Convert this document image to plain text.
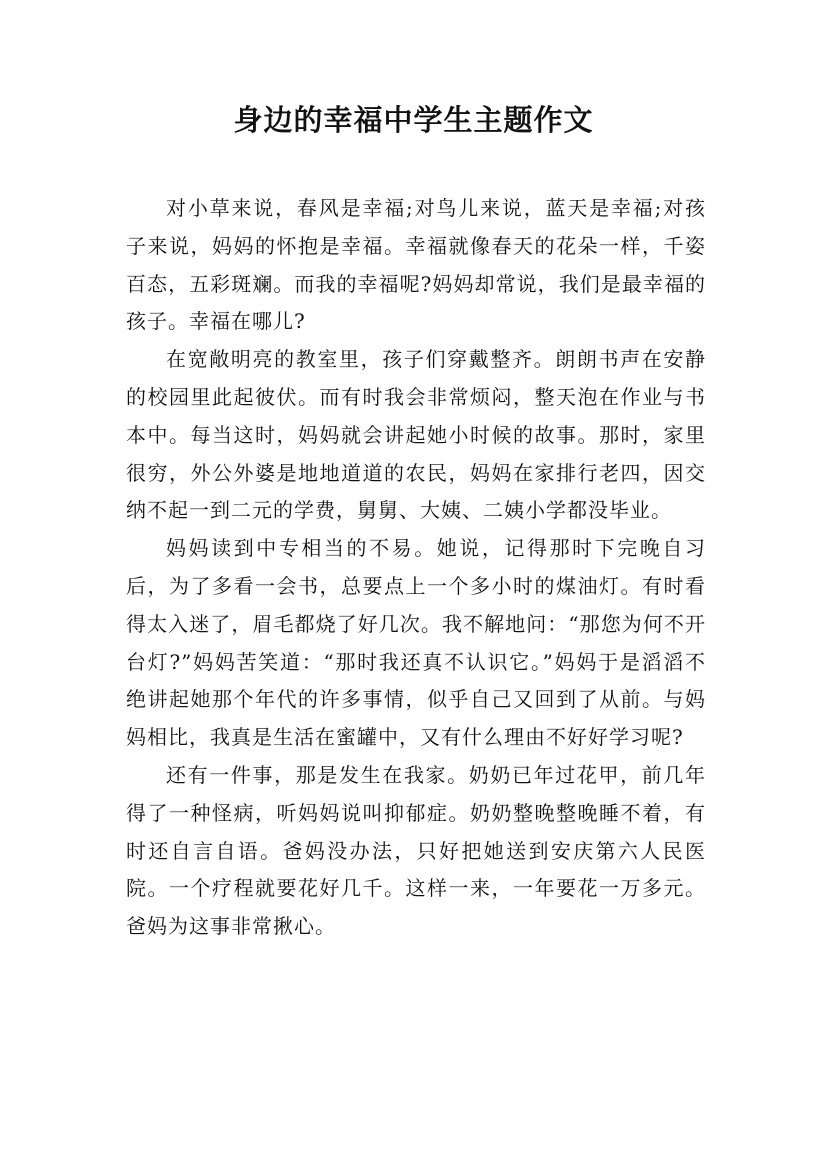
身边的幸福中学生主题作文

对小草来说，春风是幸福;对鸟儿来说，蓝天是幸福;对孩子来说，妈妈的怀抱是幸福。幸福就像春天的花朵一样，千姿百态，五彩斑斓。而我的幸福呢?妈妈却常说，我们是最幸福的孩子。幸福在哪儿?

在宽敞明亮的教室里，孩子们穿戴整齐。朗朗书声在安静的校园里此起彼伏。而有时我会非常烦闷，整天泡在作业与书本中。每当这时，妈妈就会讲起她小时候的故事。那时，家里很穷，外公外婆是地地道道的农民，妈妈在家排行老四，因交纳不起一到二元的学费，舅舅、大姨、二姨小学都没毕业。

妈妈读到中专相当的不易。她说，记得那时下完晚自习后，为了多看一会书，总要点上一个多小时的煤油灯。有时看得太入迷了，眉毛都烧了好几次。我不解地问：“那您为何不开台灯?”妈妈苦笑道：“那时我还真不认识它。”妈妈于是滔滔不绝讲起她那个年代的许多事情，似乎自己又回到了从前。与妈妈相比，我真是生活在蜜罐中，又有什么理由不好好学习呢?

还有一件事，那是发生在我家。奶奶已年过花甲，前几年得了一种怪病，听妈妈说叫抑郁症。奶奶整晚整晚睡不着，有时还自言自语。爸妈没办法，只好把她送到安庆第六人民医院。一个疗程就要花好几千。这样一来，一年要花一万多元。爸妈为这事非常揪心。
